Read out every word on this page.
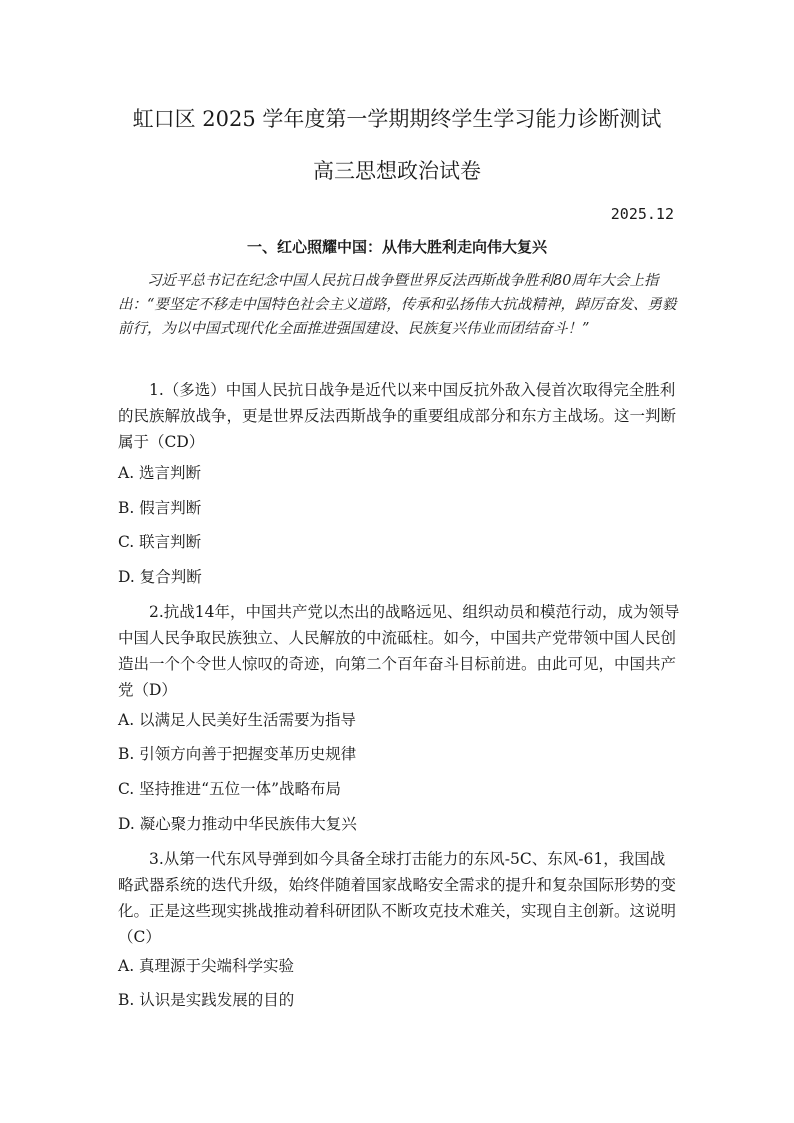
虹口区 2025 学年度第一学期期终学生学习能力诊断测试
高三思想政治试卷
2025.12
一、红心照耀中国：从伟大胜利走向伟大复兴
习近平总书记在纪念中国人民抗日战争暨世界反法西斯战争胜利80周年大会上指出：“要坚定不移走中国特色社会主义道路，传承和弘扬伟大抗战精神，踔厉奋发、勇毅前行，为以中国式现代化全面推进强国建设、民族复兴伟业而团结奋斗！”
1.（多选）中国人民抗日战争是近代以来中国反抗外敌入侵首次取得完全胜利的民族解放战争，更是世界反法西斯战争的重要组成部分和东方主战场。这一判断属于（CD）
A. 选言判断
B. 假言判断
C. 联言判断
D. 复合判断
2.抗战14年，中国共产党以杰出的战略远见、组织动员和模范行动，成为领导中国人民争取民族独立、人民解放的中流砥柱。如今，中国共产党带领中国人民创造出一个个令世人惊叹的奇迹，向第二个百年奋斗目标前进。由此可见，中国共产党（D）
A. 以满足人民美好生活需要为指导
B. 引领方向善于把握变革历史规律
C. 坚持推进“五位一体”战略布局
D. 凝心聚力推动中华民族伟大复兴
3.从第一代东风导弹到如今具备全球打击能力的东风-5C、东风-61，我国战略武器系统的迭代升级，始终伴随着国家战略安全需求的提升和复杂国际形势的变化。正是这些现实挑战推动着科研团队不断攻克技术难关，实现自主创新。这说明（C）
A. 真理源于尖端科学实验
B. 认识是实践发展的目的
